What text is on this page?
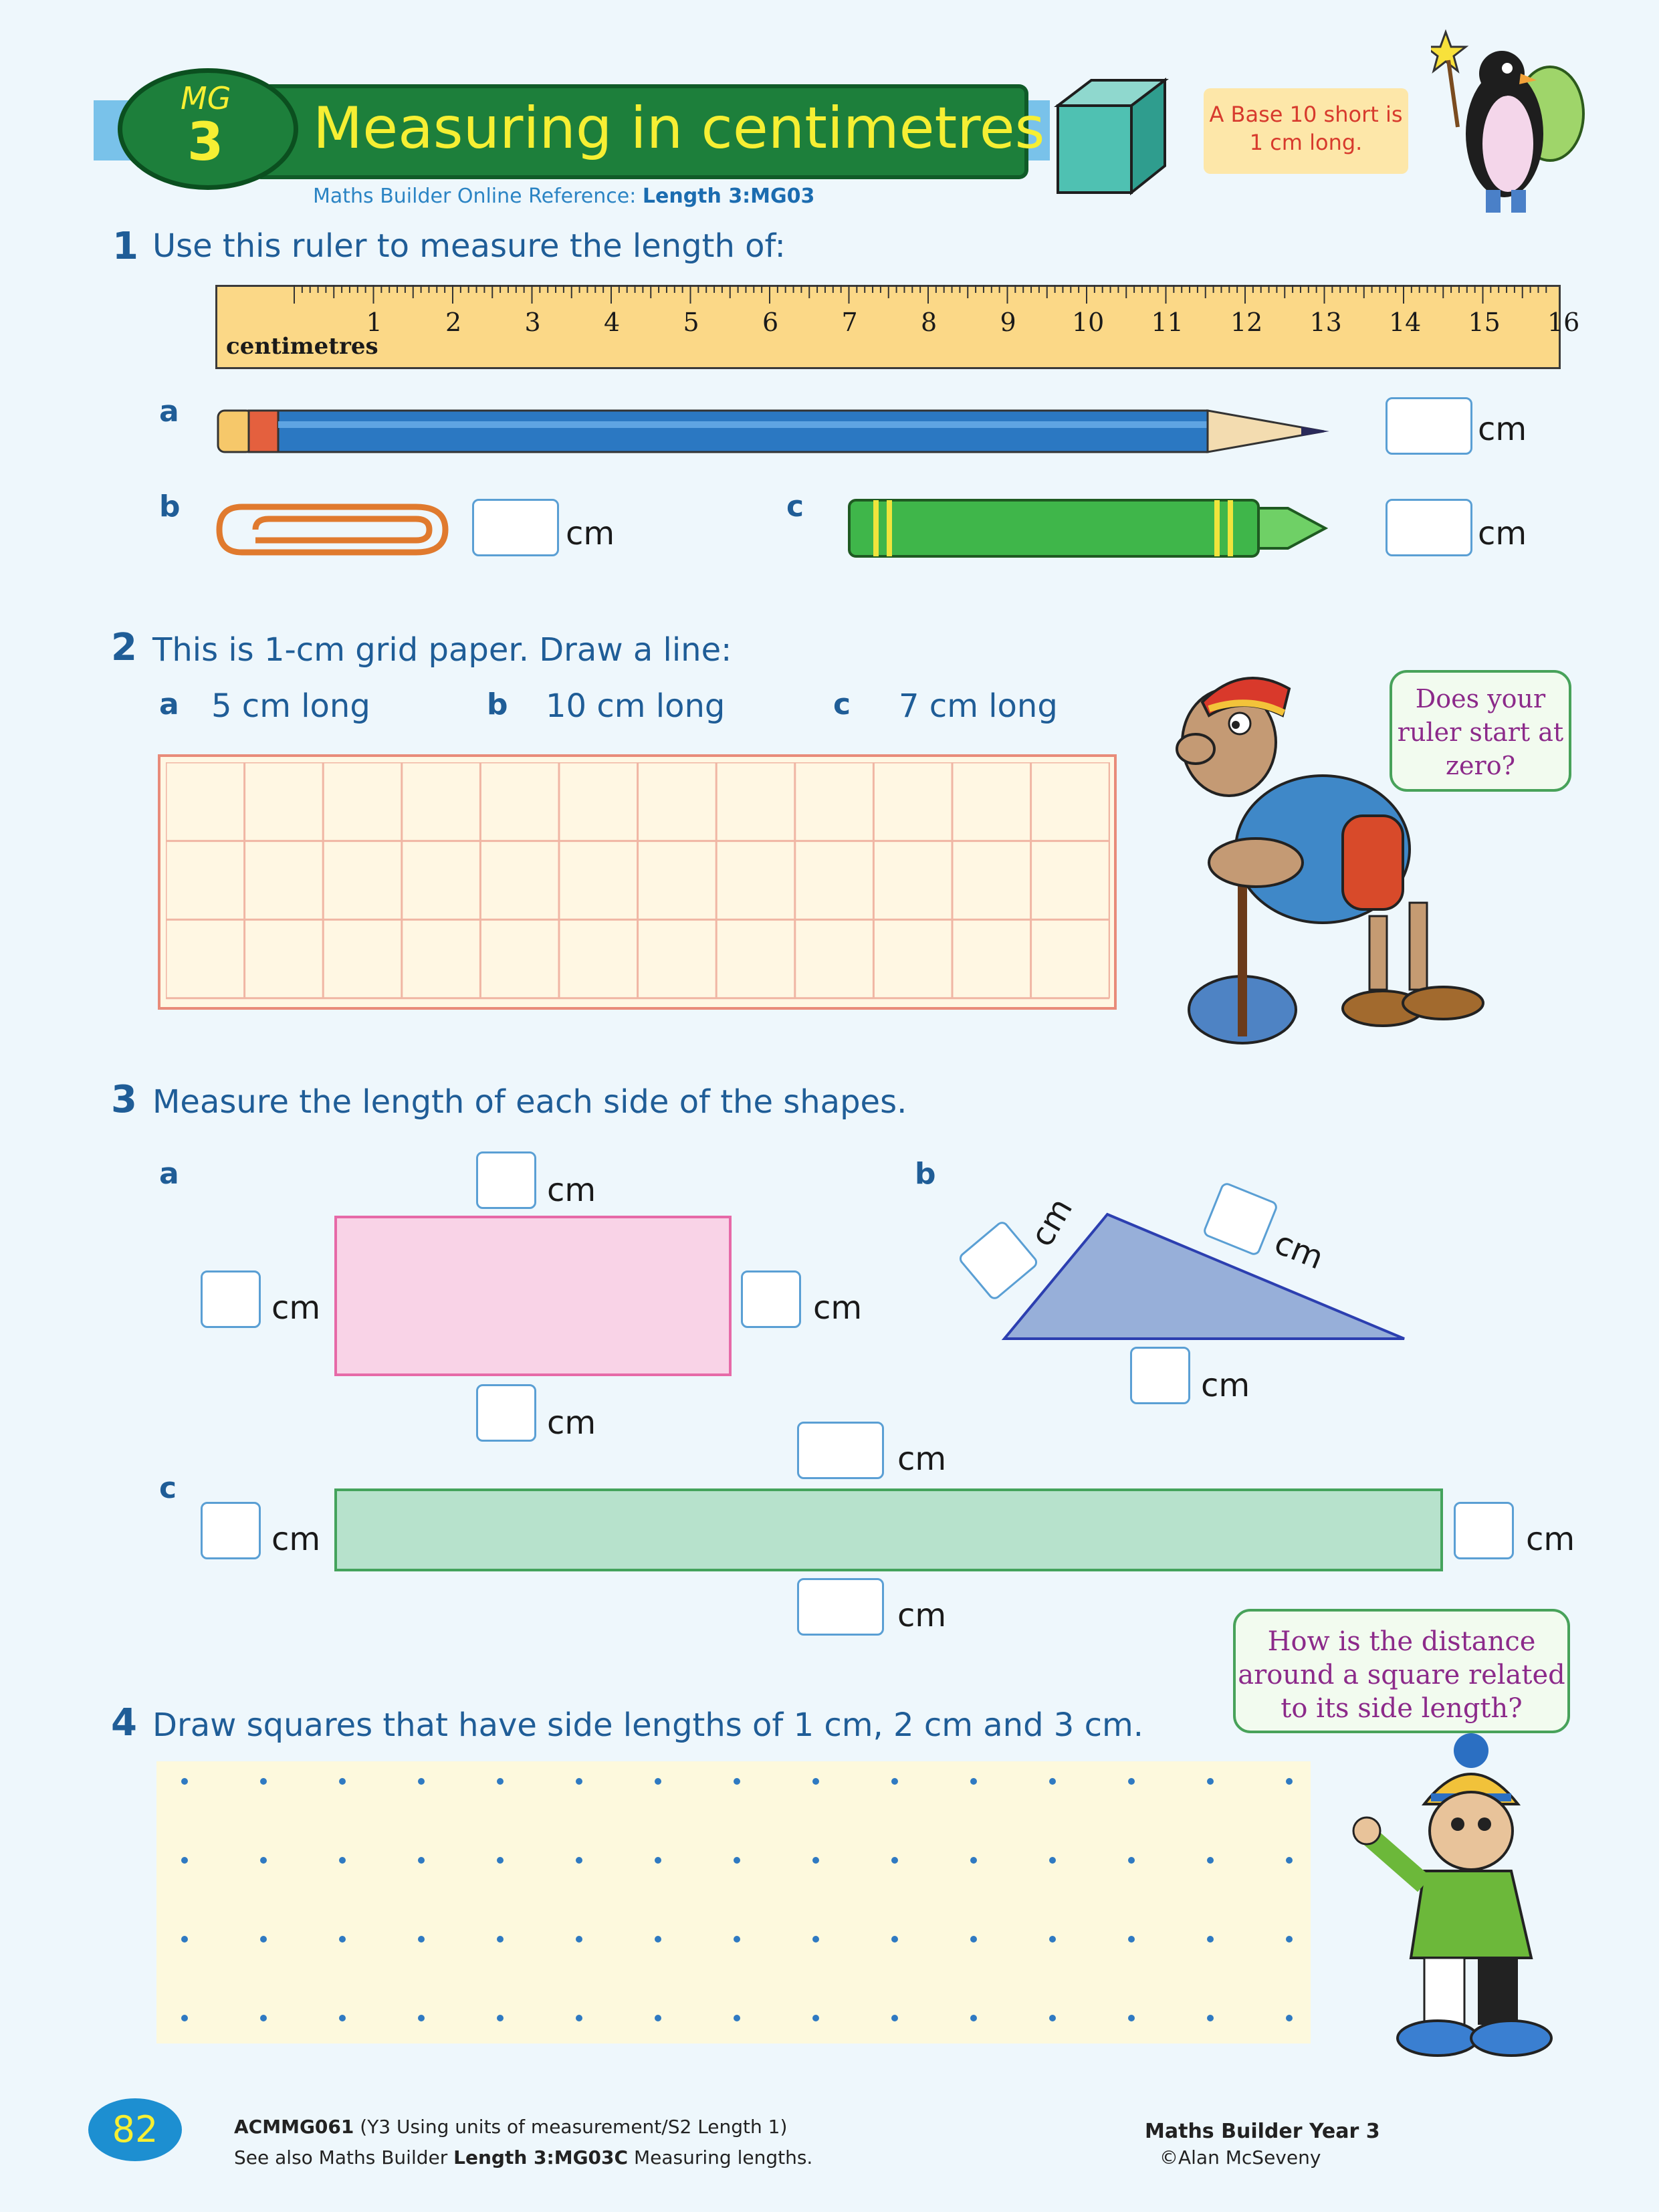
Measuring in centimetres
MG
3
Maths Builder Online Reference: Length 3:MG03
A Base 10 short is 1 cm long.
1 Use this ruler to measure the length of:
centimetres
1 2 3 4 5 6 7 8 9 10 11 12 13 14 15 16
a	cm
b
cm
c
cm
2 This is 1-cm grid paper. Draw a line:
a 5 cm long	b 10 cm long	c 7 cm long	Does your ruler start at zero?
3 Measure the length of each side of the shapes.
a	cm
cm	cm
cm
b
cm	cm
cm
c
cm
cm	cm
cm
4 Draw squares that have side lengths of 1 cm, 2 cm and 3 cm.
How is the distance around a square related to its side length?
82	ACMMG061 (Y3 Using units of measurement/S2 Length 1)
See also Maths Builder Length 3:MG03C Measuring lengths.
Maths Builder Year 3
©Alan McSeveny
